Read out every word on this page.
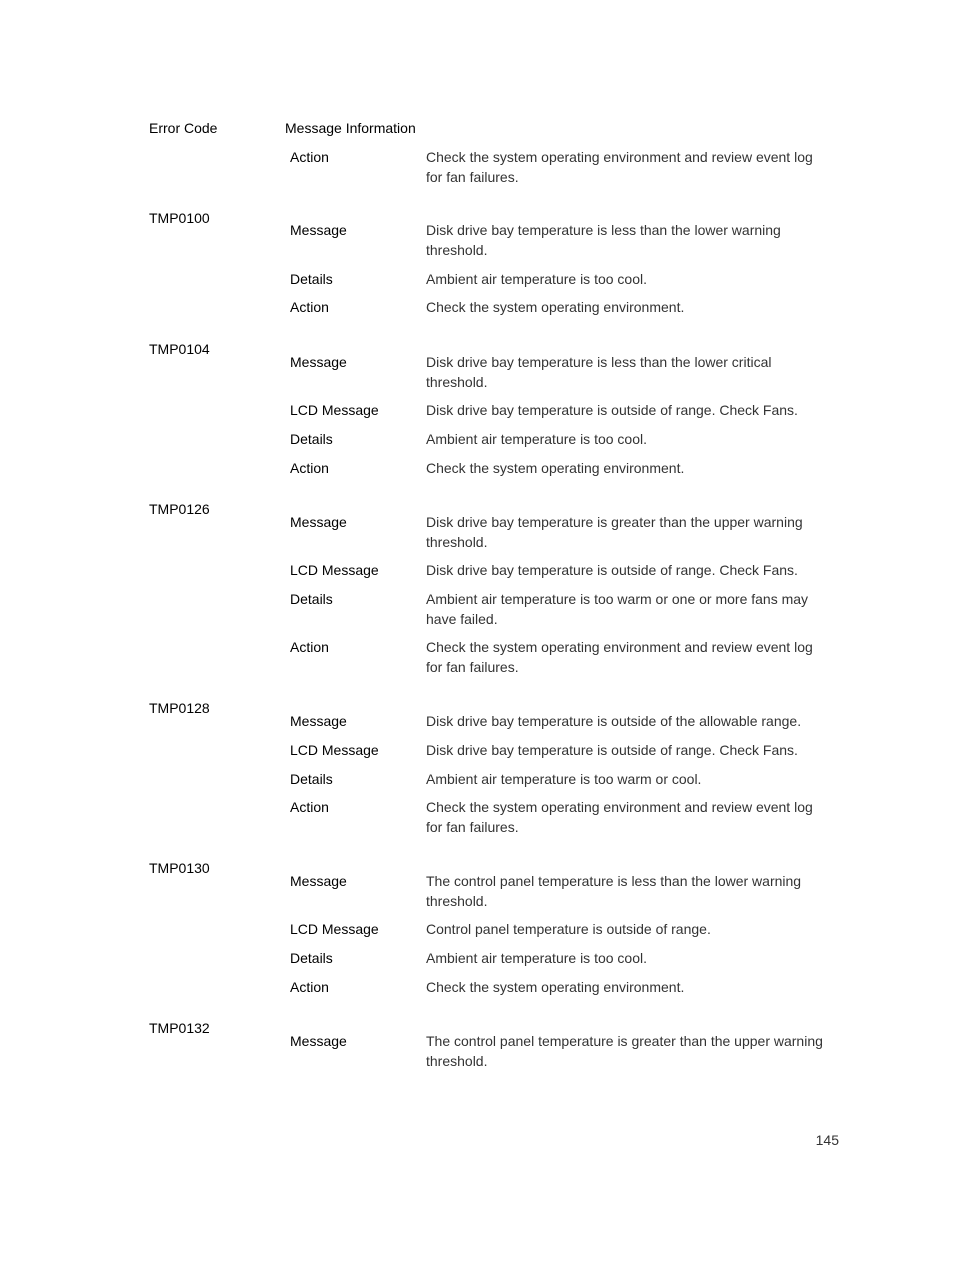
Error Code	Message Information
Action	Check the system operating environment and review event log for fan failures.
TMP0100
Message	Disk drive bay temperature is less than the lower warning threshold.
Details	Ambient air temperature is too cool.
Action	Check the system operating environment.
TMP0104
Message	Disk drive bay temperature is less than the lower critical threshold.
LCD Message	Disk drive bay temperature is outside of range. Check Fans.
Details	Ambient air temperature is too cool.
Action	Check the system operating environment.
TMP0126
Message	Disk drive bay temperature is greater than the upper warning threshold.
LCD Message	Disk drive bay temperature is outside of range. Check Fans.
Details	Ambient air temperature is too warm or one or more fans may have failed.
Action	Check the system operating environment and review event log for fan failures.
TMP0128
Message	Disk drive bay temperature is outside of the allowable range.
LCD Message	Disk drive bay temperature is outside of range. Check Fans.
Details	Ambient air temperature is too warm or cool.
Action	Check the system operating environment and review event log for fan failures.
TMP0130
Message	The control panel temperature is less than the lower warning threshold.
LCD Message	Control panel temperature is outside of range.
Details	Ambient air temperature is too cool.
Action	Check the system operating environment.
TMP0132
Message	The control panel temperature is greater than the upper warning threshold.
145
